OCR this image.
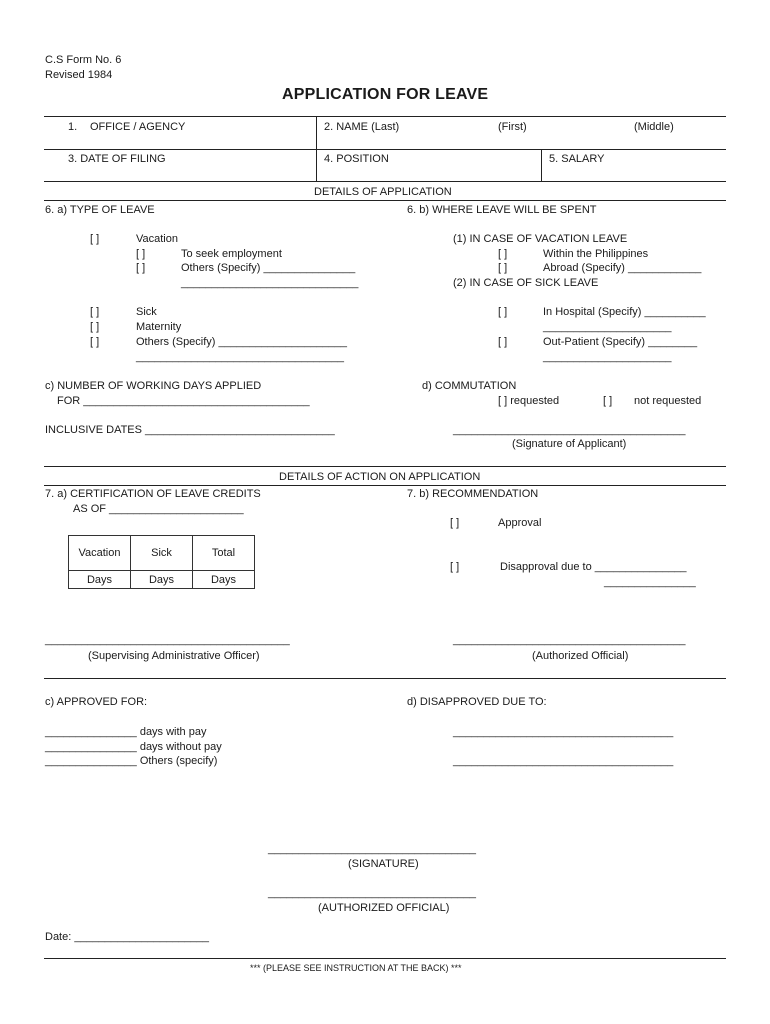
C.S Form No. 6
Revised 1984
APPLICATION FOR LEAVE
1. OFFICE / AGENCY	2. NAME (Last)	(First)	(Middle)
3. DATE OF FILING	4. POSITION	5. SALARY
DETAILS OF APPLICATION
6. a) TYPE OF LEAVE	6. b) WHERE LEAVE WILL BE SPENT
[ ]	Vacation
[ ]	To seek employment
[ ]	Others (Specify) _______________
_____________________________
[ ]	Sick
[ ]	Maternity
[ ]	Others (Specify) _____________________
__________________________________
(1) IN CASE OF VACATION LEAVE
[ ]	Within the Philippines
[ ]	Abroad (Specify) ____________
(2) IN CASE OF SICK LEAVE
[ ]	In Hospital (Specify) __________
_____________________
[ ]	Out-Patient (Specify) ________
_____________________
c) NUMBER OF WORKING DAYS APPLIED
FOR _____________________________________
d) COMMUTATION
[ ] requested	[ ] not requested
INCLUSIVE DATES _______________________________	______________________________________
(Signature of Applicant)
DETAILS OF ACTION ON APPLICATION
7. a) CERTIFICATION OF LEAVE CREDITS
AS OF ______________________
7. b) RECOMMENDATION
[ ]	Approval
[ ]	Disapproval due to _______________
_______________
Vacation	Sick	Total
Days	Days	Days
________________________________________
(Supervising Administrative Officer)
______________________________________
(Authorized Official)
c) APPROVED FOR:
_______________ days with pay
_______________ days without pay
_______________ Others (specify)
d) DISAPPROVED DUE TO:
____________________________________
____________________________________
__________________________________
(SIGNATURE)
__________________________________
(AUTHORIZED OFFICIAL)
Date: ______________________
*** (PLEASE SEE INSTRUCTION AT THE BACK) ***
